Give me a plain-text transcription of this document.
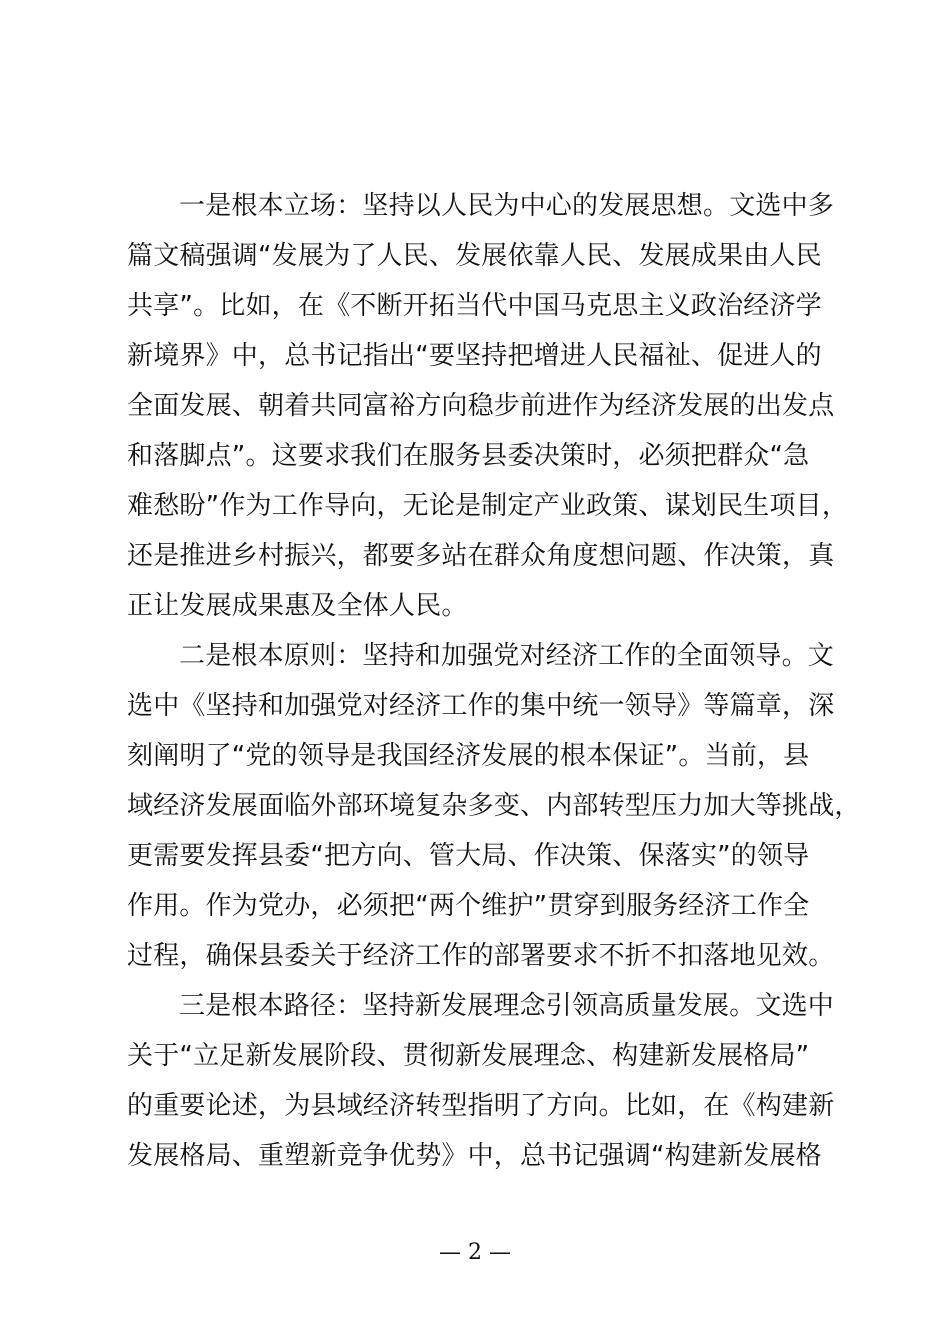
一是根本立场：坚持以人民为中心的发展思想。文选中多
篇文稿强调“发展为了人民、发展依靠人民、发展成果由人民
共享”。比如，在《不断开拓当代中国马克思主义政治经济学
新境界》中，总书记指出“要坚持把增进人民福祉、促进人的
全面发展、朝着共同富裕方向稳步前进作为经济发展的出发点
和落脚点”。这要求我们在服务县委决策时，必须把群众“急
难愁盼”作为工作导向，无论是制定产业政策、谋划民生项目，
还是推进乡村振兴，都要多站在群众角度想问题、作决策，真
正让发展成果惠及全体人民。
二是根本原则：坚持和加强党对经济工作的全面领导。文
选中《坚持和加强党对经济工作的集中统一领导》等篇章，深
刻阐明了“党的领导是我国经济发展的根本保证”。当前，县
域经济发展面临外部环境复杂多变、内部转型压力加大等挑战，
更需要发挥县委“把方向、管大局、作决策、保落实”的领导
作用。作为党办，必须把“两个维护”贯穿到服务经济工作全
过程，确保县委关于经济工作的部署要求不折不扣落地见效。
三是根本路径：坚持新发展理念引领高质量发展。文选中
关于“立足新发展阶段、贯彻新发展理念、构建新发展格局”
的重要论述，为县域经济转型指明了方向。比如，在《构建新
发展格局、重塑新竞争优势》中，总书记强调“构建新发展格
— 2 —
